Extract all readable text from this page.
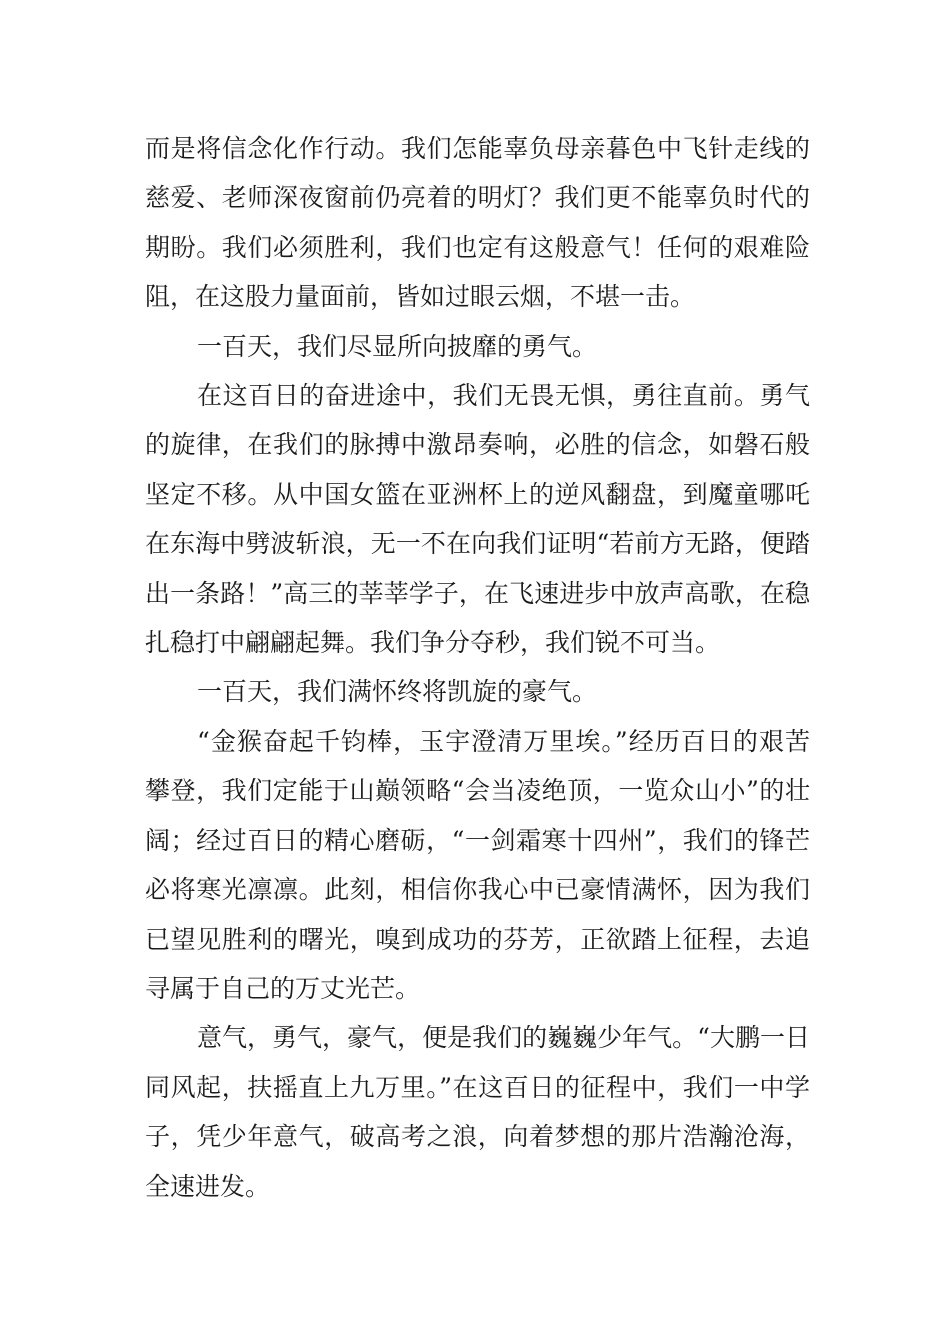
而是将信念化作行动。我们怎能辜负母亲暮色中飞针走线的慈爱、老师深夜窗前仍亮着的明灯？我们更不能辜负时代的期盼。我们必须胜利，我们也定有这般意气！任何的艰难险阻，在这股力量面前，皆如过眼云烟，不堪一击。

一百天，我们尽显所向披靡的勇气。

在这百日的奋进途中，我们无畏无惧，勇往直前。勇气的旋律，在我们的脉搏中激昂奏响，必胜的信念，如磐石般坚定不移。从中国女篮在亚洲杯上的逆风翻盘，到魔童哪吒在东海中劈波斩浪，无一不在向我们证明“若前方无路，便踏出一条路！”高三的莘莘学子，在飞速进步中放声高歌，在稳扎稳打中翩翩起舞。我们争分夺秒，我们锐不可当。

一百天，我们满怀终将凯旋的豪气。

“金猴奋起千钧棒，玉宇澄清万里埃。”经历百日的艰苦攀登，我们定能于山巅领略“会当凌绝顶，一览众山小”的壮阔；经过百日的精心磨砺，“一剑霜寒十四州”，我们的锋芒必将寒光凛凛。此刻，相信你我心中已豪情满怀，因为我们已望见胜利的曙光，嗅到成功的芬芳，正欲踏上征程，去追寻属于自己的万丈光芒。

意气，勇气，豪气，便是我们的巍巍少年气。“大鹏一日同风起，扶摇直上九万里。”在这百日的征程中，我们一中学子，凭少年意气，破高考之浪，向着梦想的那片浩瀚沧海，全速进发。
